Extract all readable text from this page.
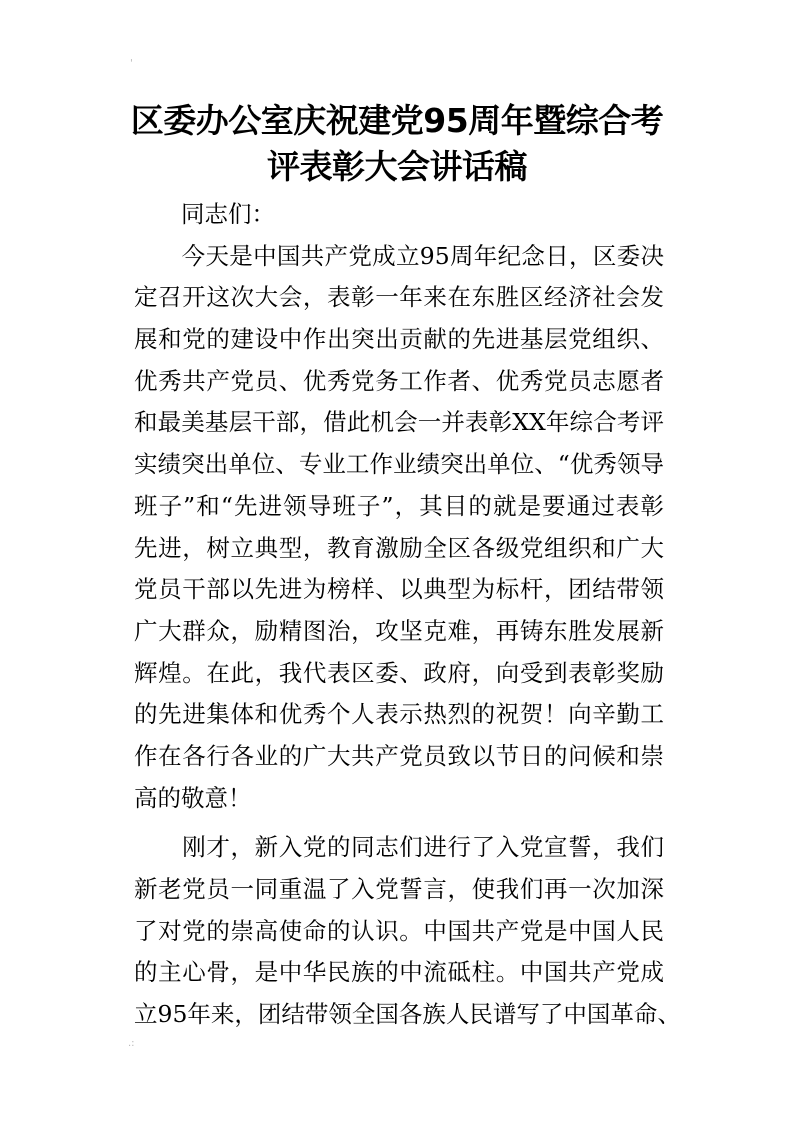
'
区委办公室庆祝建党95周年暨综合考
评表彰大会讲话稿

同志们：

　　今天是中国共产党成立95周年纪念日，区委决
定召开这次大会，表彰一年来在东胜区经济社会发
展和党的建设中作出突出贡献的先进基层党组织、
优秀共产党员、优秀党务工作者、优秀党员志愿者
和最美基层干部，借此机会一并表彰XX年综合考评
实绩突出单位、专业工作业绩突出单位、“优秀领导
班子”和“先进领导班子”，其目的就是要通过表彰
先进，树立典型，教育激励全区各级党组织和广大
党员干部以先进为榜样、以典型为标杆，团结带领
广大群众，励精图治，攻坚克难，再铸东胜发展新
辉煌。在此，我代表区委、政府，向受到表彰奖励
的先进集体和优秀个人表示热烈的祝贺！向辛勤工
作在各行各业的广大共产党员致以节日的问候和崇
高的敬意！

　　刚才，新入党的同志们进行了入党宣誓，我们
新老党员一同重温了入党誓言，使我们再一次加深
了对党的崇高使命的认识。中国共产党是中国人民
的主心骨，是中华民族的中流砥柱。中国共产党成
立95年来，团结带领全国各族人民谱写了中国革命、

.:
